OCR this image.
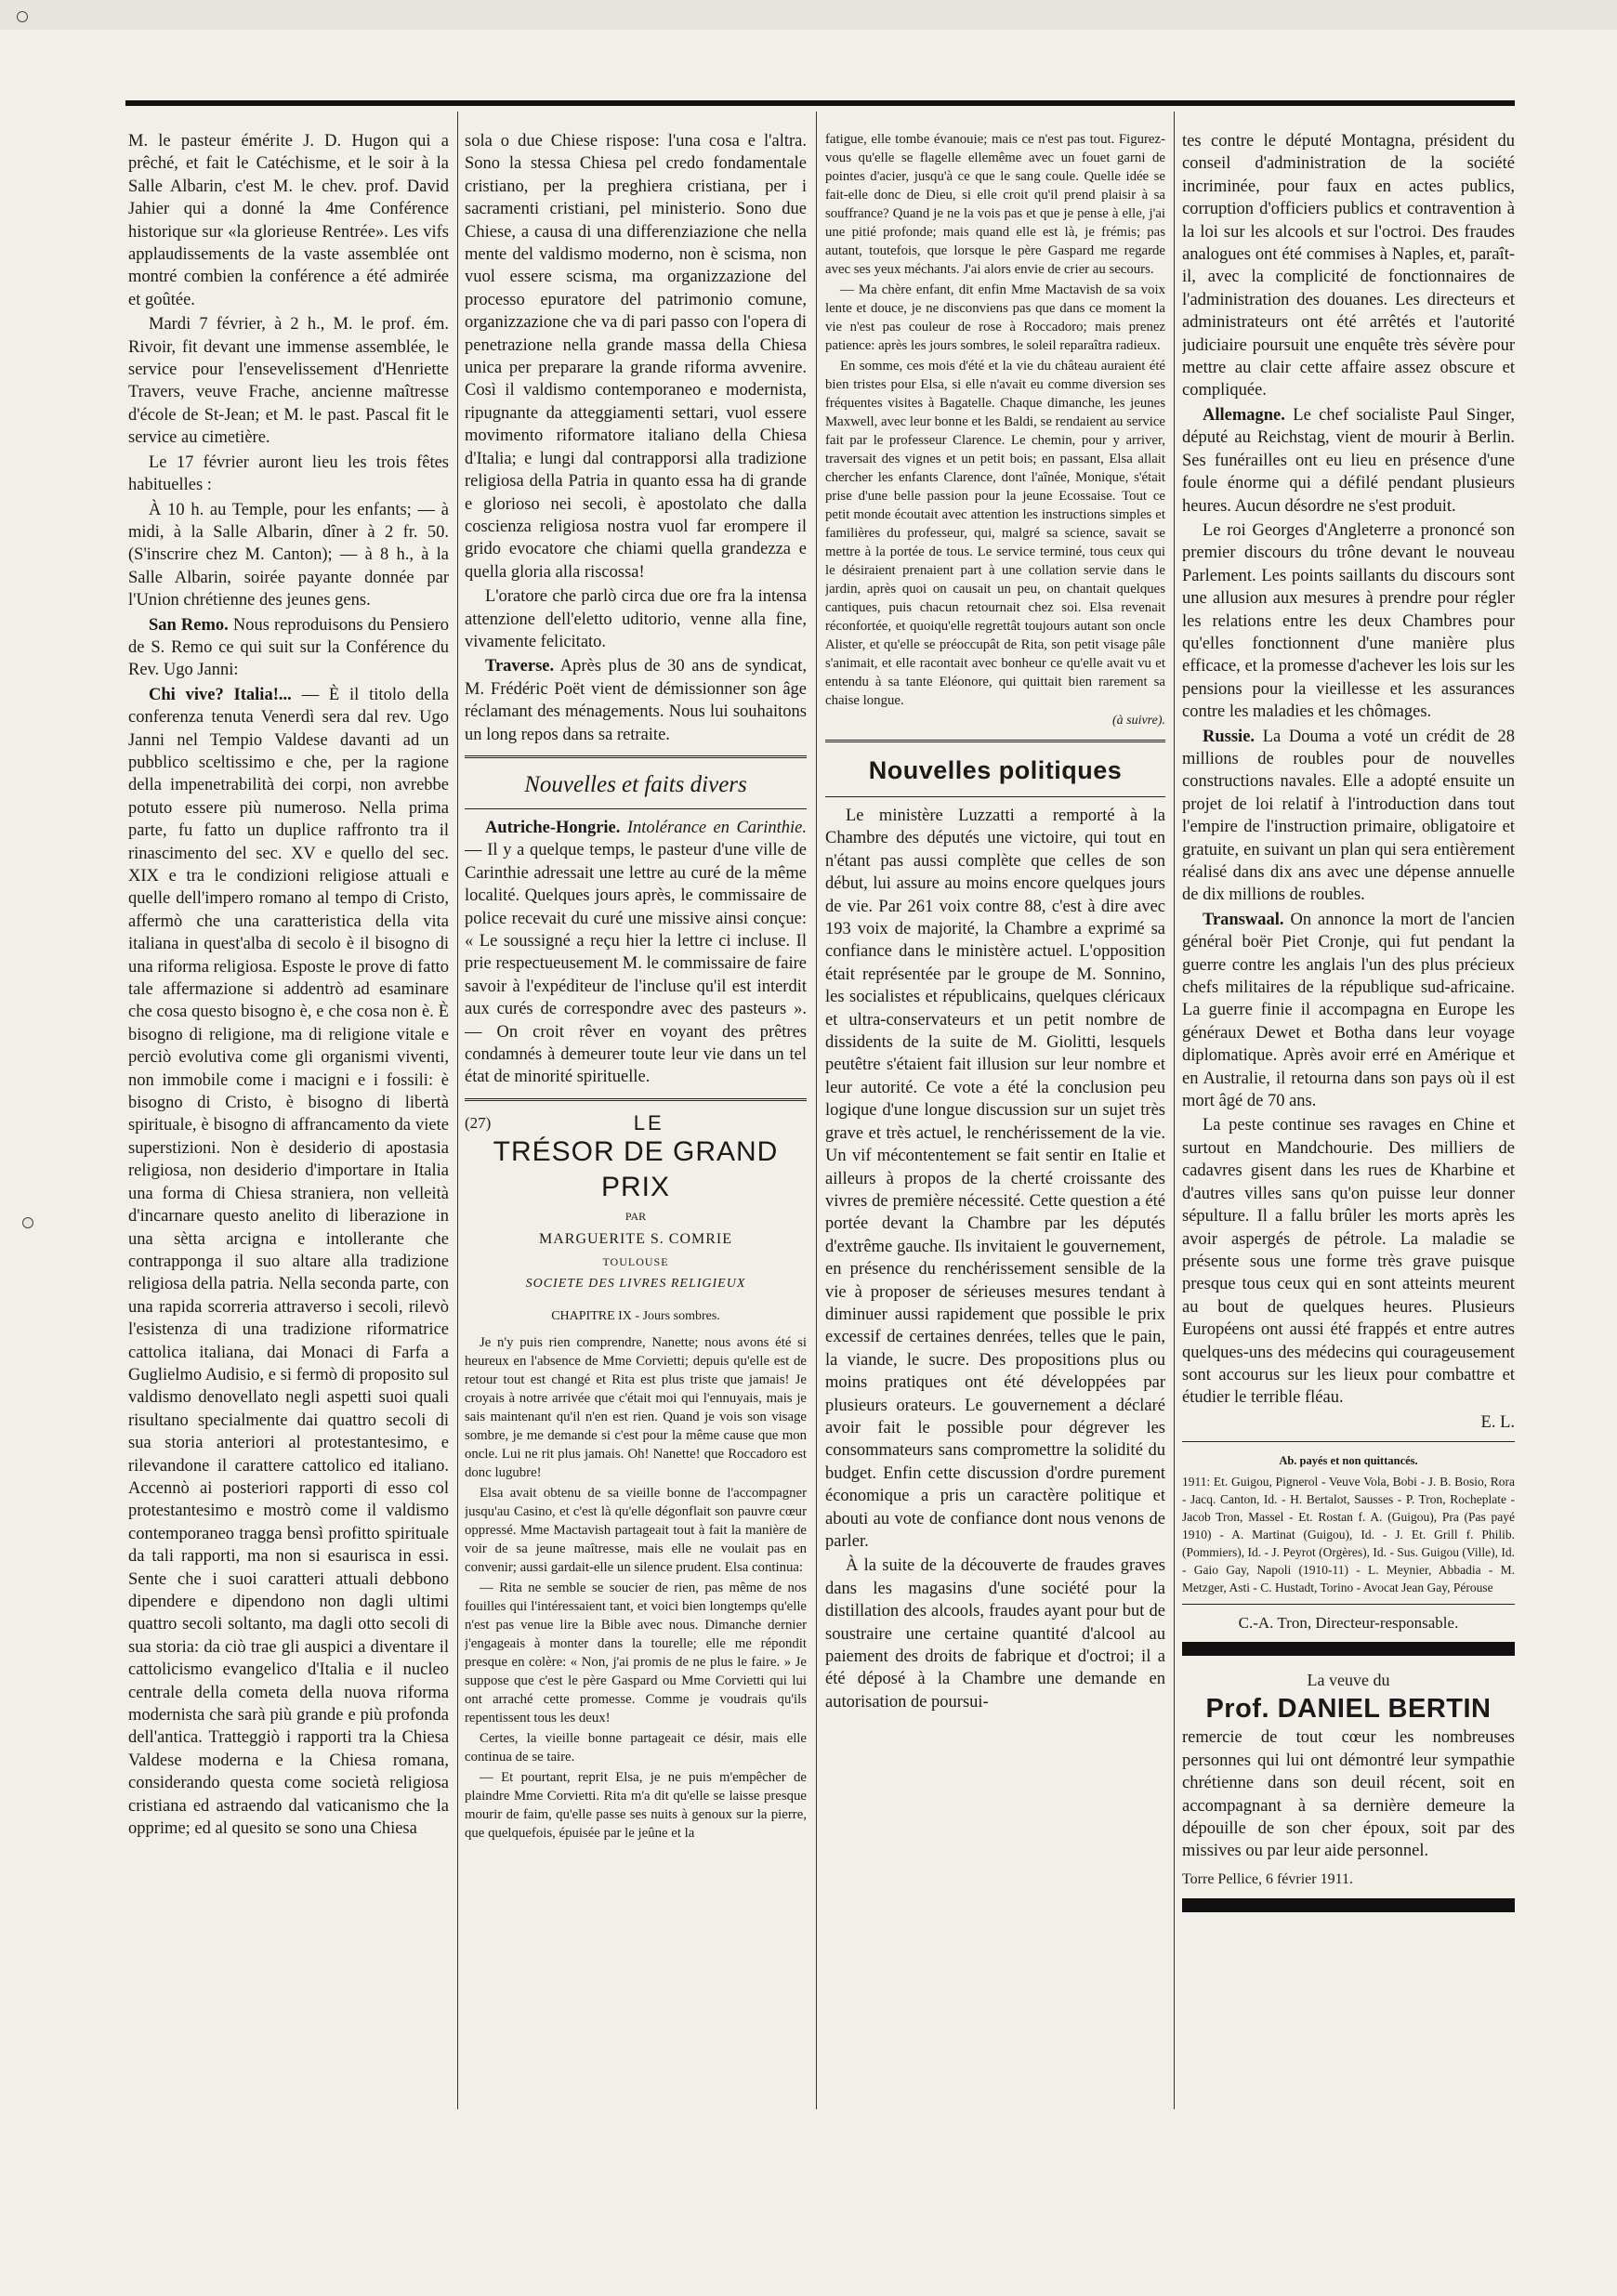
M. le pasteur émérite J. D. Hugon qui a prêché, et fait le Catéchisme, et le soir à la Salle Albarin, c'est M. le chev. prof. David Jahier qui a donné la 4me Conférence historique sur «la glorieuse Rentrée». Les vifs applaudissements de la vaste assemblée ont montré combien la conférence a été admirée et goûtée.

Mardi 7 février, à 2 h., M. le prof. ém. Rivoir, fit devant une immense assemblée, le service pour l'ensevelissement d'Henriette Travers, veuve Frache, ancienne maîtresse d'école de St-Jean; et M. le past. Pascal fit le service au cimetière.

Le 17 février auront lieu les trois fêtes habituelles :

À 10 h. au Temple, pour les enfants; — à midi, à la Salle Albarin, dîner à 2 fr. 50. (S'inscrire chez M. Canton); — à 8 h., à la Salle Albarin, soirée payante donnée par l'Union chrétienne des jeunes gens.

San Remo. Nous reproduisons du Pensiero de S. Remo ce qui suit sur la Conférence du Rev. Ugo Janni:

Chi vive? Italia!... — È il titolo della conferenza tenuta Venerdì sera dal rev. Ugo Janni nel Tempio Valdese davanti ad un pubblico sceltissimo e che, per la ragione della impenetrabilità dei corpi, non avrebbe potuto essere più numeroso. Nella prima parte, fu fatto un duplice raffronto tra il rinascimento del sec. XV e quello del sec. XIX e tra le condizioni religiose attuali e quelle dell'impero romano al tempo di Cristo, affermò che una caratteristica della vita italiana in quest'alba di secolo è il bisogno di una riforma religiosa. Esposte le prove di fatto tale affermazione si addentrò ad esaminare che cosa questo bisogno è, e che cosa non è. È bisogno di religione, ma di religione vitale e perciò evolutiva come gli organismi viventi, non immobile come i macigni e i fossili: è bisogno di Cristo, è bisogno di libertà spirituale, è bisogno di affrancamento da viete superstizioni. Non è desiderio di apostasia religiosa, non desiderio d'importare in Italia una forma di Chiesa straniera, non velleità d'incarnare questo anelito di liberazione in una sètta arcigna e intollerante che contrapponga il suo altare alla tradizione religiosa della patria. Nella seconda parte, con una rapida scorreria attraverso i secoli, rilevò l'esistenza di una tradizione riformatrice cattolica italiana, dai Monaci di Farfa a Guglielmo Audisio, e si fermò di proposito sul valdismo denovellato negli aspetti suoi quali risultano specialmente dai quattro secoli di sua storia anteriori al protestantesimo, e rilevandone il carattere cattolico ed italiano. Accennò ai posteriori rapporti di esso col protestantesimo e mostrò come il valdismo contemporaneo tragga bensì profitto spirituale da tali rapporti, ma non si esaurisca in essi. Sente che i suoi caratteri attuali debbono dipendere e dipendono non dagli ultimi quattro secoli soltanto, ma dagli otto secoli di sua storia: da ciò trae gli auspici a diventare il cattolicismo evangelico d'Italia e il nucleo centrale della cometa della nuova riforma modernista che sarà più grande e più profonda dell'antica. Tratteggiò i rapporti tra la Chiesa Valdese moderna e la Chiesa romana, considerando questa come società religiosa cristiana ed astraendo dal vaticanismo che la opprime; ed al quesito se sono una Chiesa

sola o due Chiese rispose: l'una cosa e l'altra. Sono la stessa Chiesa pel credo fondamentale cristiano, per la preghiera cristiana, per i sacramenti cristiani, pel ministerio. Sono due Chiese, a causa di una differenziazione che nella mente del valdismo moderno, non è scisma, non vuol essere scisma, ma organizzazione del processo epuratore del patrimonio comune, organizzazione che va di pari passo con l'opera di penetrazione nella grande massa della Chiesa unica per preparare la grande riforma avvenire. Così il valdismo contemporaneo e modernista, ripugnante da atteggiamenti settari, vuol essere movimento riformatore italiano della Chiesa d'Italia; e lungi dal contrapporsi alla tradizione religiosa della Patria in quanto essa ha di grande e glorioso nei secoli, è apostolato che dalla coscienza religiosa nostra vuol far erompere il grido evocatore che chiami quella grandezza e quella gloria alla riscossa!

L'oratore che parlò circa due ore fra la intensa attenzione dell'eletto uditorio, venne alla fine, vivamente felicitato.

Traverse. Après plus de 30 ans de syndicat, M. Frédéric Poët vient de démissionner son âge réclamant des ménagements. Nous lui souhaitons un long repos dans sa retraite.

Nouvelles et faits divers

Autriche-Hongrie. Intolérance en Carinthie. — Il y a quelque temps, le pasteur d'une ville de Carinthie adressait une lettre au curé de la même localité. Quelques jours après, le commissaire de police recevait du curé une missive ainsi conçue: « Le soussigné a reçu hier la lettre ci incluse. Il prie respectueusement M. le commissaire de faire savoir à l'expéditeur de l'incluse qu'il est interdit aux curés de correspondre avec des pasteurs ». — On croit rêver en voyant des prêtres condamnés à demeurer toute leur vie dans un tel état de minorité spirituelle.

(27)	LE
TRÉSOR DE GRAND PRIX
PAR
MARGUERITE S. COMRIE
TOULOUSE
SOCIETE DES LIVRES RELIGIEUX
CHAPITRE IX - Jours sombres.

Je n'y puis rien comprendre, Nanette; nous avons été si heureux en l'absence de Mme Corvietti; depuis qu'elle est de retour tout est changé et Rita est plus triste que jamais! Je croyais à notre arrivée que c'était moi qui l'ennuyais, mais je sais maintenant qu'il n'en est rien. Quand je vois son visage sombre, je me demande si c'est pour la même cause que mon oncle. Lui ne rit plus jamais. Oh! Nanette! que Roccadoro est donc lugubre!

Elsa avait obtenu de sa vieille bonne de l'accompagner jusqu'au Casino, et c'est là qu'elle dégonflait son pauvre cœur oppressé. Mme Mactavish partageait tout à fait la manière de voir de sa jeune maîtresse, mais elle ne voulait pas en convenir; aussi gardait-elle un silence prudent. Elsa continua:

— Rita ne semble se soucier de rien, pas même de nos fouilles qui l'intéressaient tant, et voici bien longtemps qu'elle n'est pas venue lire la Bible avec nous. Dimanche dernier j'engageais à monter dans la tourelle; elle me répondit presque en colère: « Non, j'ai promis de ne plus le faire. » Je suppose que c'est le père Gaspard ou Mme Corvietti qui lui ont arraché cette promesse. Comme je voudrais qu'ils repentissent tous les deux!

Certes, la vieille bonne partageait ce désir, mais elle continua de se taire.

— Et pourtant, reprit Elsa, je ne puis m'empêcher de plaindre Mme Corvietti. Rita m'a dit qu'elle se laisse presque mourir de faim, qu'elle passe ses nuits à genoux sur la pierre, que quelquefois, épuisée par le jeûne et la

fatigue, elle tombe évanouie; mais ce n'est pas tout. Figurez-vous qu'elle se flagelle ellemême avec un fouet garni de pointes d'acier, jusqu'à ce que le sang coule. Quelle idée se fait-elle donc de Dieu, si elle croit qu'il prend plaisir à sa souffrance? Quand je ne la vois pas et que je pense à elle, j'ai une pitié profonde; mais quand elle est là, je frémis; pas autant, toutefois, que lorsque le père Gaspard me regarde avec ses yeux méchants. J'ai alors envie de crier au secours.

— Ma chère enfant, dit enfin Mme Mactavish de sa voix lente et douce, je ne disconviens pas que dans ce moment la vie n'est pas couleur de rose à Roccadoro; mais prenez patience: après les jours sombres, le soleil reparaîtra radieux.

En somme, ces mois d'été et la vie du château auraient été bien tristes pour Elsa, si elle n'avait eu comme diversion ses fréquentes visites à Bagatelle. Chaque dimanche, les jeunes Maxwell, avec leur bonne et les Baldi, se rendaient au service fait par le professeur Clarence. Le chemin, pour y arriver, traversait des vignes et un petit bois; en passant, Elsa allait chercher les enfants Clarence, dont l'aînée, Monique, s'était prise d'une belle passion pour la jeune Ecossaise. Tout ce petit monde écoutait avec attention les instructions simples et familières du professeur, qui, malgré sa science, savait se mettre à la portée de tous. Le service terminé, tous ceux qui le désiraient prenaient part à une collation servie dans le jardin, après quoi on causait un peu, on chantait quelques cantiques, puis chacun retournait chez soi. Elsa revenait réconfortée, et quoiqu'elle regrettât toujours autant son oncle Alister, et qu'elle se préoccupât de Rita, son petit visage pâle s'animait, et elle racontait avec bonheur ce qu'elle avait vu et entendu à sa tante Eléonore, qui quittait bien rarement sa chaise longue.

(à suivre).
Nouvelles politiques

Le ministère Luzzatti a remporté à la Chambre des députés une victoire, qui tout en n'étant pas aussi complète que celles de son début, lui assure au moins encore quelques jours de vie. Par 261 voix contre 88, c'est à dire avec 193 voix de majorité, la Chambre a exprimé sa confiance dans le ministère actuel. L'opposition était représentée par le groupe de M. Sonnino, les socialistes et républicains, quelques cléricaux et ultra-conservateurs et un petit nombre de dissidents de la suite de M. Giolitti, lesquels peutêtre s'étaient fait illusion sur leur nombre et leur autorité. Ce vote a été la conclusion peu logique d'une longue discussion sur un sujet très grave et très actuel, le renchérissement de la vie. Un vif mécontentement se fait sentir en Italie et ailleurs à propos de la cherté croissante des vivres de première nécessité. Cette question a été portée devant la Chambre par les députés d'extrême gauche. Ils invitaient le gouvernement, en présence du renchérissement sensible de la vie à proposer de sérieuses mesures tendant à diminuer aussi rapidement que possible le prix excessif de certaines denrées, telles que le pain, la viande, le sucre. Des propositions plus ou moins pratiques ont été développées par plusieurs orateurs. Le gouvernement a déclaré avoir fait le possible pour dégrever les consommateurs sans compromettre la solidité du budget. Enfin cette discussion d'ordre purement économique a pris un caractère politique et abouti au vote de confiance dont nous venons de parler.

À la suite de la découverte de fraudes graves dans les magasins d'une société pour la distillation des alcools, fraudes ayant pour but de soustraire une certaine quantité d'alcool au paiement des droits de fabrique et d'octroi; il a été déposé à la Chambre une demande en autorisation de poursui-

tes contre le député Montagna, président du conseil d'administration de la société incriminée, pour faux en actes publics, corruption d'officiers publics et contravention à la loi sur les alcools et sur l'octroi. Des fraudes analogues ont été commises à Naples, et, paraît-il, avec la complicité de fonctionnaires de l'administration des douanes. Les directeurs et administrateurs ont été arrêtés et l'autorité judiciaire poursuit une enquête très sévère pour mettre au clair cette affaire assez obscure et compliquée.

Allemagne. Le chef socialiste Paul Singer, député au Reichstag, vient de mourir à Berlin. Ses funérailles ont eu lieu en présence d'une foule énorme qui a défilé pendant plusieurs heures. Aucun désordre ne s'est produit.

Le roi Georges d'Angleterre a prononcé son premier discours du trône devant le nouveau Parlement. Les points saillants du discours sont une allusion aux mesures à prendre pour régler les relations entre les deux Chambres pour qu'elles fonctionnent d'une manière plus efficace, et la promesse d'achever les lois sur les pensions pour la vieillesse et les assurances contre les maladies et les chômages.

Russie. La Douma a voté un crédit de 28 millions de roubles pour de nouvelles constructions navales. Elle a adopté ensuite un projet de loi relatif à l'introduction dans tout l'empire de l'instruction primaire, obligatoire et gratuite, en suivant un plan qui sera entièrement réalisé dans dix ans avec une dépense annuelle de dix millions de roubles.

Transwaal. On annonce la mort de l'ancien général boër Piet Cronje, qui fut pendant la guerre contre les anglais l'un des plus précieux chefs militaires de la république sud-africaine. La guerre finie il accompagna en Europe les généraux Dewet et Botha dans leur voyage diplomatique. Après avoir erré en Amérique et en Australie, il retourna dans son pays où il est mort âgé de 70 ans.

La peste continue ses ravages en Chine et surtout en Mandchourie. Des milliers de cadavres gisent dans les rues de Kharbine et d'autres villes sans qu'on puisse leur donner sépulture. Il a fallu brûler les morts après les avoir aspergés de pétrole. La maladie se présente sous une forme très grave puisque presque tous ceux qui en sont atteints meurent au bout de quelques heures. Plusieurs Européens ont aussi été frappés et entre autres quelques-uns des médecins qui courageusement sont accourus sur les lieux pour combattre et étudier le terrible fléau.

E. L.
Ab. payés et non quittancés.
1911: Et. Guigou, Pignerol - Veuve Vola, Bobi - J. B. Bosio, Rora - Jacq. Canton, Id. - H. Bertalot, Sausses - P. Tron, Rocheplate - Jacob Tron, Massel - Et. Rostan f. A. (Guigou), Pra (Pas payé 1910) - A. Martinat (Guigou), Id. - J. Et. Grill f. Philib. (Pommiers), Id. - J. Peyrot (Orgères), Id. - Sus. Guigou (Ville), Id. - Gaio Gay, Napoli (1910-11) - L. Meynier, Abbadia - M. Metzger, Asti - C. Hustadt, Torino - Avocat Jean Gay, Pérouse
C.-A. Tron, Directeur-responsable.
La veuve du
Prof. DANIEL BERTIN
remercie de tout cœur les nombreuses personnes qui lui ont démontré leur sympathie chrétienne dans son deuil récent, soit en accompagnant à sa dernière demeure la dépouille de son cher époux, soit par des missives ou par leur aide personnel.
Torre Pellice, 6 février 1911.
